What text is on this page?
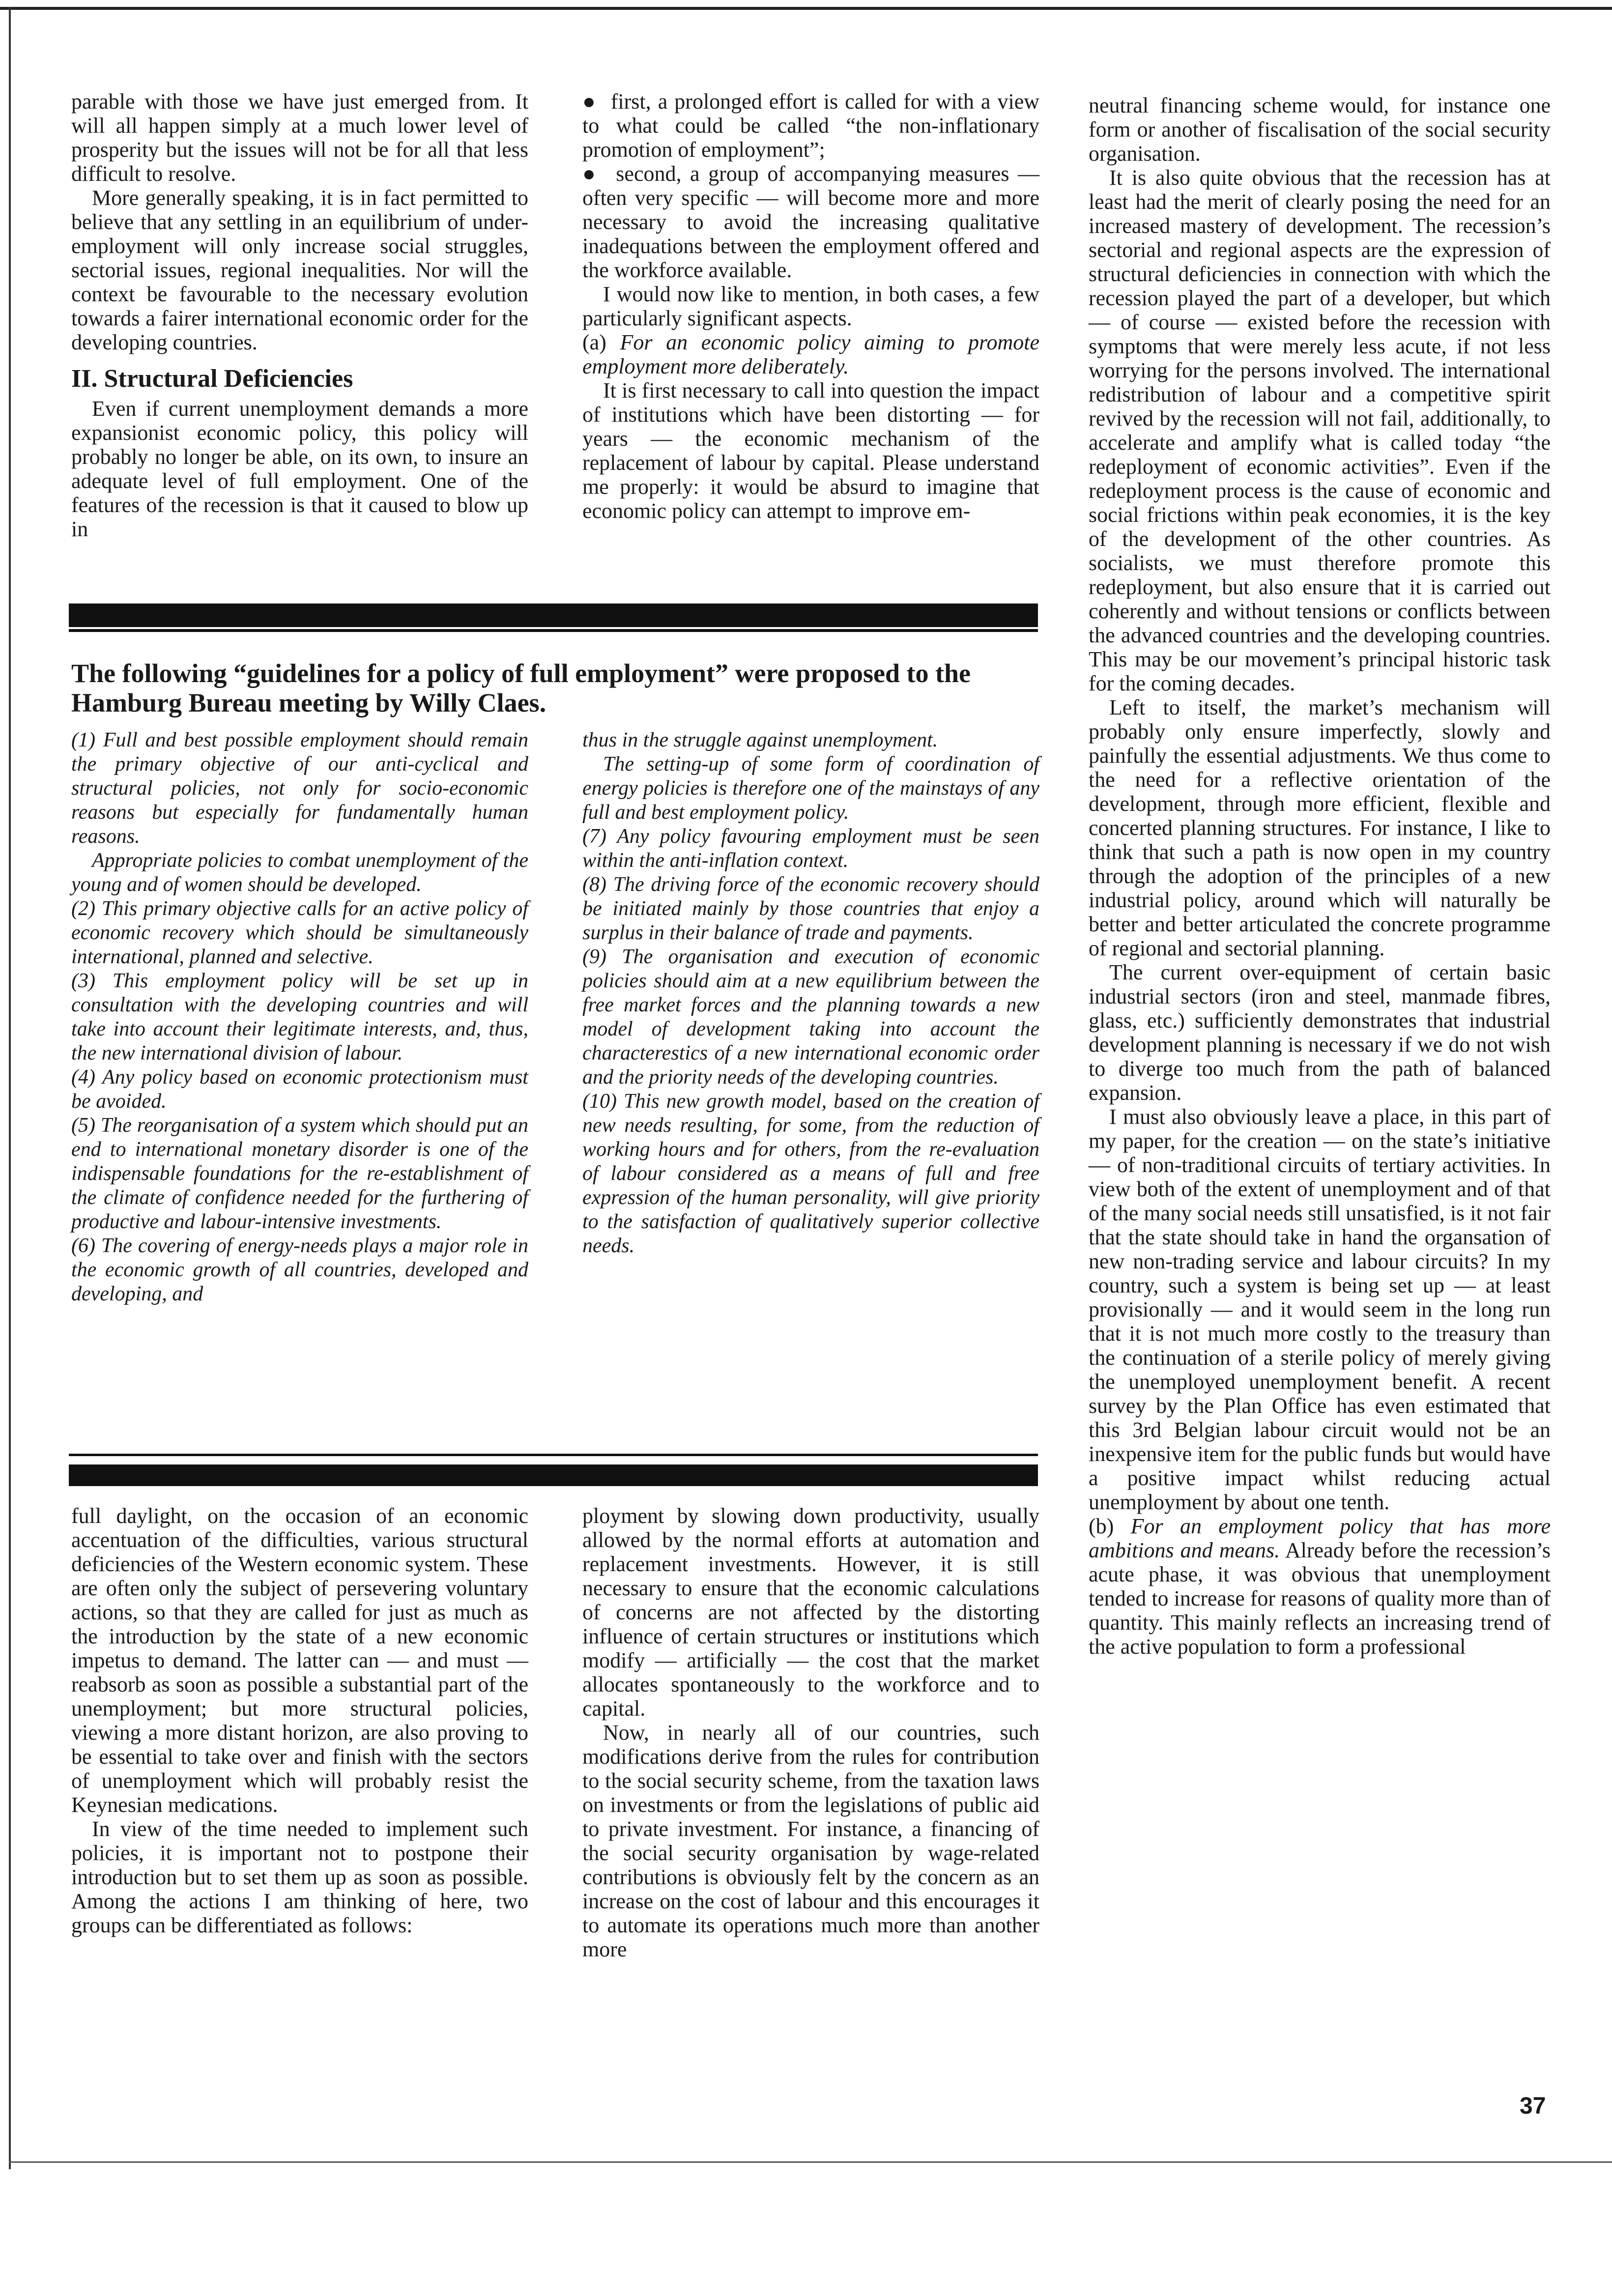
parable with those we have just emerged from. It will all happen simply at a much lower level of prosperity but the issues will not be for all that less difficult to resolve.

More generally speaking, it is in fact permitted to believe that any settling in an equilibrium of under-employment will only increase social struggles, sectorial issues, regional inequalities. Nor will the context be favourable to the necessary evolution towards a fairer international economic order for the developing countries.

II. Structural Deficiencies

Even if current unemployment demands a more expansionist economic policy, this policy will probably no longer be able, on its own, to insure an adequate level of full employment. One of the features of the recession is that it caused to blow up in

●  first, a prolonged effort is called for with a view to what could be called “the non-inflationary promotion of employment”;

●  second, a group of accompanying measures — often very specific — will become more and more necessary to avoid the increasing qualitative inadequations between the employment offered and the workforce available.

I would now like to mention, in both cases, a few particularly significant aspects.

(a) For an economic policy aiming to promote employment more deliberately.

It is first necessary to call into question the impact of institutions which have been distorting — for years — the economic mechanism of the replacement of labour by capital. Please understand me properly: it would be absurd to imagine that economic policy can attempt to improve em-

The following “guidelines for a policy of full employment” were proposed to the Hamburg Bureau meeting by Willy Claes.

(1) Full and best possible employment should remain the primary objective of our anti-cyclical and structural policies, not only for socio-economic reasons but especially for fundamentally human reasons.

Appropriate policies to combat unemployment of the young and of women should be developed.

(2) This primary objective calls for an active policy of economic recovery which should be simultaneously international, planned and selective.

(3) This employment policy will be set up in consultation with the developing countries and will take into account their legitimate interests, and, thus, the new international division of labour.

(4) Any policy based on economic protectionism must be avoided.

(5) The reorganisation of a system which should put an end to international monetary disorder is one of the indispensable foundations for the re-establishment of the climate of confidence needed for the furthering of productive and labour-intensive investments.

(6) The covering of energy-needs plays a major role in the economic growth of all countries, developed and developing, and

thus in the struggle against unemployment.

The setting-up of some form of coordination of energy policies is therefore one of the mainstays of any full and best employment policy.

(7) Any policy favouring employment must be seen within the anti-inflation context.

(8) The driving force of the economic recovery should be initiated mainly by those countries that enjoy a surplus in their balance of trade and payments.

(9) The organisation and execution of economic policies should aim at a new equilibrium between the free market forces and the planning towards a new model of development taking into account the characterestics of a new international economic order and the priority needs of the developing countries.

(10) This new growth model, based on the creation of new needs resulting, for some, from the reduction of working hours and for others, from the re-evaluation of labour considered as a means of full and free expression of the human personality, will give priority to the satisfaction of qualitatively superior collective needs.

full daylight, on the occasion of an economic accentuation of the difficulties, various structural deficiencies of the Western economic system. These are often only the subject of persevering voluntary actions, so that they are called for just as much as the introduction by the state of a new economic impetus to demand. The latter can — and must — reabsorb as soon as possible a substantial part of the unemployment; but more structural policies, viewing a more distant horizon, are also proving to be essential to take over and finish with the sectors of unemployment which will probably resist the Keynesian medications.

In view of the time needed to implement such policies, it is important not to postpone their introduction but to set them up as soon as possible. Among the actions I am thinking of here, two groups can be differentiated as follows:

ployment by slowing down productivity, usually allowed by the normal efforts at automation and replacement investments. However, it is still necessary to ensure that the economic calculations of concerns are not affected by the distorting influence of certain structures or institutions which modify — artificially — the cost that the market allocates spontaneously to the workforce and to capital.

Now, in nearly all of our countries, such modifications derive from the rules for contribution to the social security scheme, from the taxation laws on investments or from the legislations of public aid to private investment. For instance, a financing of the social security organisation by wage-related contributions is obviously felt by the concern as an increase on the cost of labour and this encourages it to automate its operations much more than another more

neutral financing scheme would, for instance one form or another of fiscalisation of the social security organisation.

It is also quite obvious that the recession has at least had the merit of clearly posing the need for an increased mastery of development. The recession’s sectorial and regional aspects are the expression of structural deficiencies in connection with which the recession played the part of a developer, but which — of course — existed before the recession with symptoms that were merely less acute, if not less worrying for the persons involved. The international redistribution of labour and a competitive spirit revived by the recession will not fail, additionally, to accelerate and amplify what is called today “the redeployment of economic activities”. Even if the redeployment process is the cause of economic and social frictions within peak economies, it is the key of the development of the other countries. As socialists, we must therefore promote this redeployment, but also ensure that it is carried out coherently and without tensions or conflicts between the advanced countries and the developing countries. This may be our movement’s principal historic task for the coming decades.

Left to itself, the market’s mechanism will probably only ensure imperfectly, slowly and painfully the essential adjustments. We thus come to the need for a reflective orientation of the development, through more efficient, flexible and concerted planning structures. For instance, I like to think that such a path is now open in my country through the adoption of the principles of a new industrial policy, around which will naturally be better and better articulated the concrete programme of regional and sectorial planning.

The current over-equipment of certain basic industrial sectors (iron and steel, manmade fibres, glass, etc.) sufficiently demonstrates that industrial development planning is necessary if we do not wish to diverge too much from the path of balanced expansion.

I must also obviously leave a place, in this part of my paper, for the creation — on the state’s initiative — of non-traditional circuits of tertiary activities. In view both of the extent of unemployment and of that of the many social needs still unsatisfied, is it not fair that the state should take in hand the organsation of new non-trading service and labour circuits? In my country, such a system is being set up — at least provisionally — and it would seem in the long run that it is not much more costly to the treasury than the continuation of a sterile policy of merely giving the unemployed unemployment benefit. A recent survey by the Plan Office has even estimated that this 3rd Belgian labour circuit would not be an inexpensive item for the public funds but would have a positive impact whilst reducing actual unemployment by about one tenth.

(b) For an employment policy that has more ambitions and means. Already before the recession’s acute phase, it was obvious that unemployment tended to increase for reasons of quality more than of quantity. This mainly reflects an increasing trend of the active population to form a professional

37
